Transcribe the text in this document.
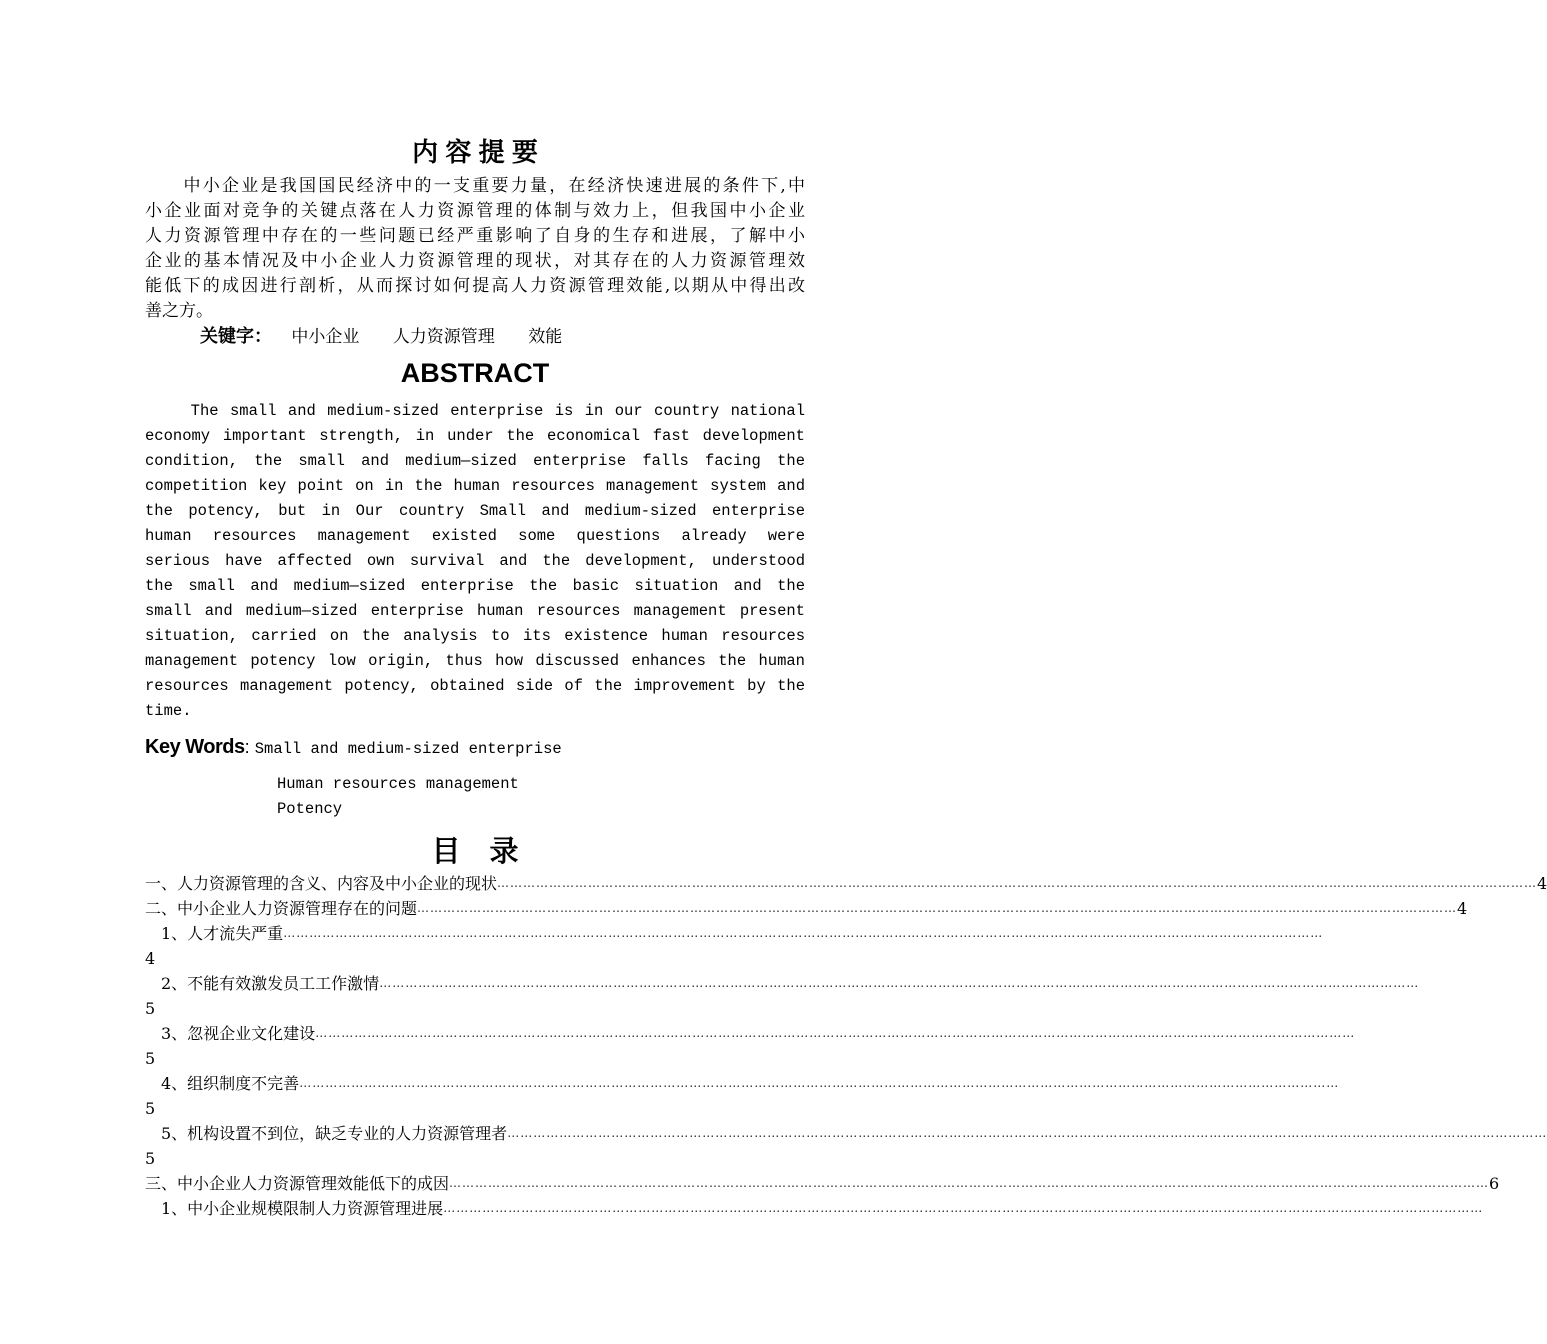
内 容 提 要
　　中小企业是我国国民经济中的一支重要力量，在经济快速进展的条件下,中
小企业面对竞争的关键点落在人力资源管理的体制与效力上，但我国中小企业
人力资源管理中存在的一些问题已经严重影响了自身的生存和进展，了解中小
企业的基本情况及中小企业人力资源管理的现状，对其存在的人力资源管理效
能低下的成因进行剖析，从而探讨如何提高人力资源管理效能,以期从中得出改
善之方。
关键字： 中小企业 人力资源管理 效能
ABSTRACT

The small and medium-sized enterprise is in our country national

economy important strength, in under the economical fast development

condition, the small and medium—sized enterprise falls facing the

competition key point on in the human resources management system and

the potency, but in Our country Small and medium-sized enterprise

human resources management existed some questions already were

serious have affected own survival and the development, understood

the small and medium—sized enterprise the basic situation and the

small and medium—sized enterprise human resources management present

situation, carried on the analysis to its existence human resources

management potency low origin, thus how discussed enhances the human

resources management potency, obtained side of the improvement by the

time.

Key Words: Small and medium-sized enterprise
Human resources management
Potency
目　录
一、人力资源管理的含义、内容及中小企业的现状 …………………………………………………………………………………………………………………………………………………………………………………………………………………… 4
二、中小企业人力资源管理存在的问题 …………………………………………………………………………………………………………………………………………………………………………………………………………………… 4
　1、人才流失严重 ……………………………………………………………………………………………………………………………………………………………………………………………………………………
4
　2、不能有效激发员工工作激情 ……………………………………………………………………………………………………………………………………………………………………………………………………………………
5
　3、忽视企业文化建设 ……………………………………………………………………………………………………………………………………………………………………………………………………………………
5
　4、组织制度不完善 ……………………………………………………………………………………………………………………………………………………………………………………………………………………
5
　5、机构设置不到位，缺乏专业的人力资源管理者 ……………………………………………………………………………………………………………………………………………………………………………………………………………………
5
三、中小企业人力资源管理效能低下的成因 …………………………………………………………………………………………………………………………………………………………………………………………………………………… 6
　1、中小企业规模限制人力资源管理进展 ……………………………………………………………………………………………………………………………………………………………………………………………………………………
